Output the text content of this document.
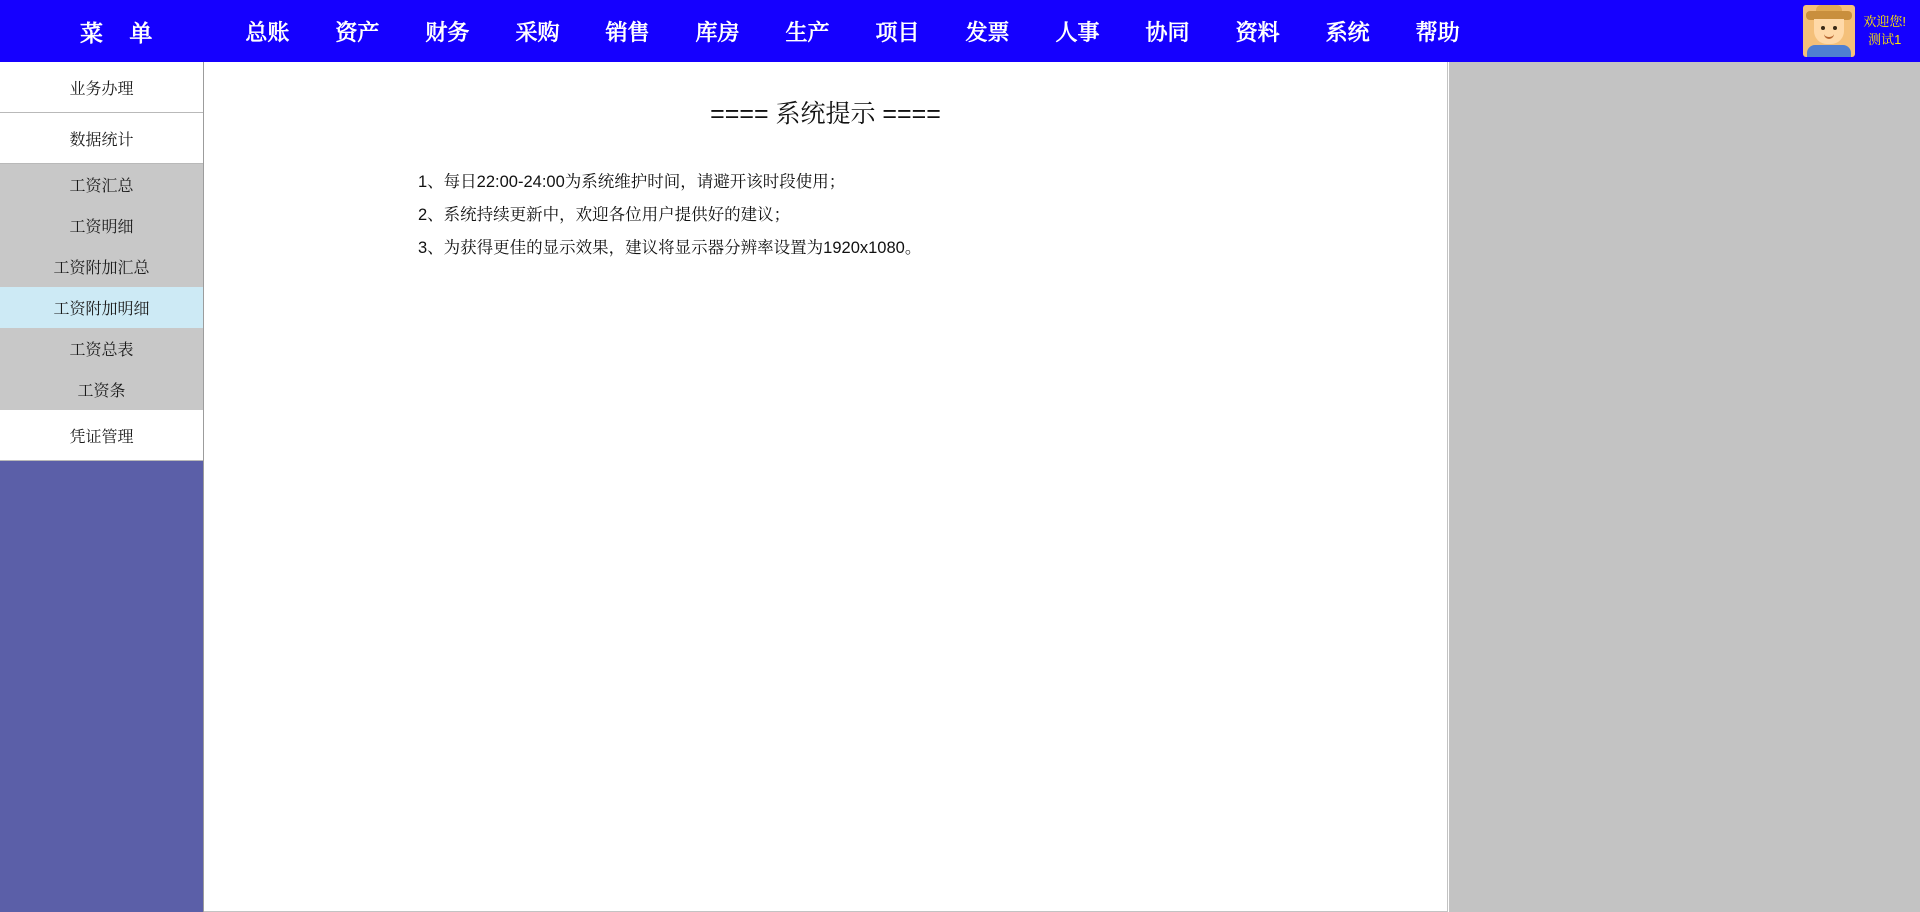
菜 单	总账	资产	财务	采购	销售	库房	生产	项目	发票	人事	协同	资料	系统	帮助	欢迎您!
测试1
业务办理
数据统计
工资汇总
工资明细
工资附加汇总
工资附加明细
工资总表
工资条
凭证管理
==== 系统提示 ====
1、每日22:00-24:00为系统维护时间，请避开该时段使用；
2、系统持续更新中，欢迎各位用户提供好的建议；
3、为获得更佳的显示效果，建议将显示器分辨率设置为1920x1080。
